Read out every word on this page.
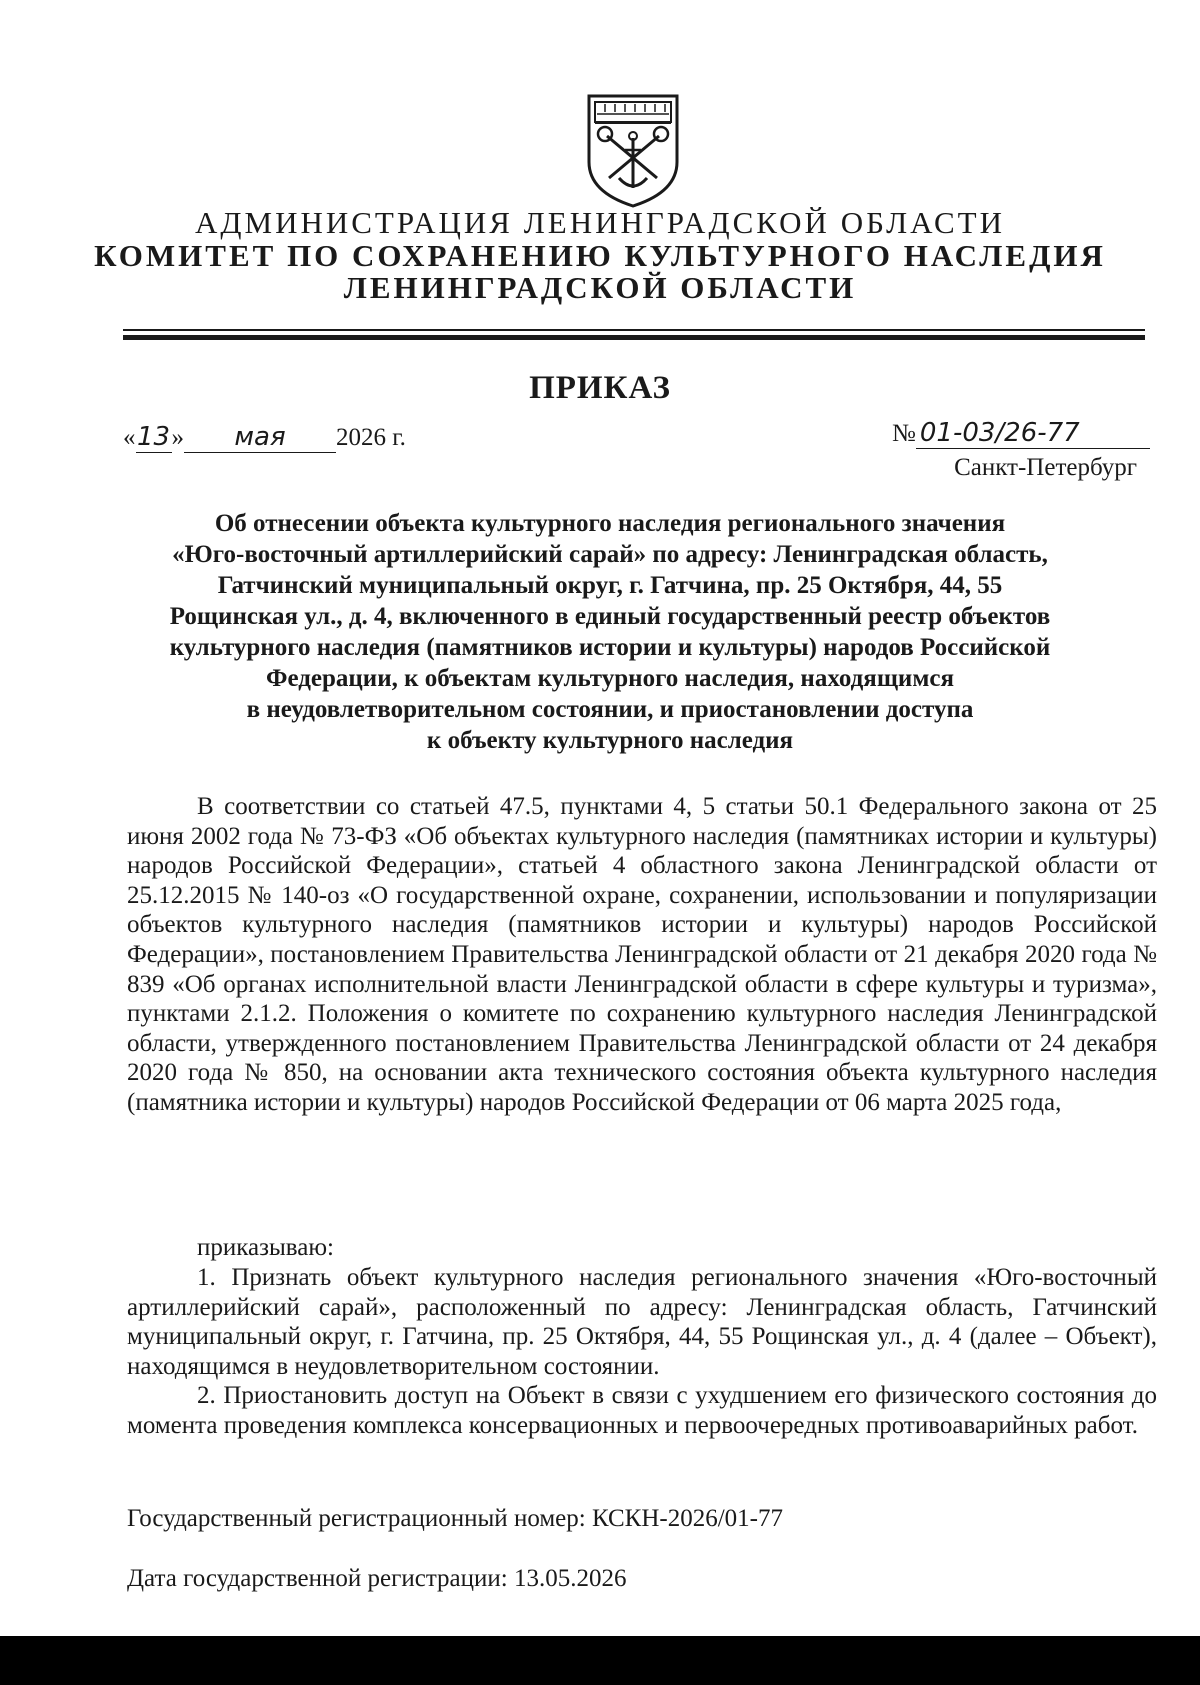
АДМИНИСТРАЦИЯ ЛЕНИНГРАДСКОЙ ОБЛАСТИ
КОМИТЕТ ПО СОХРАНЕНИЮ КУЛЬТУРНОГО НАСЛЕДИЯ
ЛЕНИНГРАДСКОЙ ОБЛАСТИ
ПРИКАЗ
«13» мая 2026 г.	№ 01-03/26-77
Санкт-Петербург
Об отнесении объекта культурного наследия регионального значения
«Юго-восточный артиллерийский сарай» по адресу: Ленинградская область,
Гатчинский муниципальный округ, г. Гатчина, пр. 25 Октября, 44, 55
Рощинская ул., д. 4, включенного в единый государственный реестр объектов
культурного наследия (памятников истории и культуры) народов Российской
Федерации, к объектам культурного наследия, находящимся
в неудовлетворительном состоянии, и приостановлении доступа
к объекту культурного наследия

В соответствии со статьей 47.5, пунктами 4, 5 статьи 50.1 Федерального закона от 25 июня 2002 года № 73-ФЗ «Об объектах культурного наследия (памятниках истории и культуры) народов Российской Федерации», статьей 4 областного закона Ленинградской области от 25.12.2015 № 140-оз «О государственной охране, сохранении, использовании и популяризации объектов культурного наследия (памятников истории и культуры) народов Российской Федерации», постановлением Правительства Ленинградской области от 21 декабря 2020 года № 839 «Об органах исполнительной власти Ленинградской области в сфере культуры и туризма», пунктами 2.1.2. Положения о комитете по сохранению культурного наследия Ленинградской области, утвержденного постановлением Правительства Ленинградской области от 24 декабря 2020 года № 850, на основании акта технического состояния объекта культурного наследия (памятника истории и культуры) народов Российской Федерации от 06 марта 2025 года,

приказываю:

1. Признать объект культурного наследия регионального значения «Юго-восточный артиллерийский сарай», расположенный по адресу: Ленинградская область, Гатчинский муниципальный округ, г. Гатчина, пр. 25 Октября, 44, 55 Рощинская ул., д. 4 (далее – Объект), находящимся в неудовлетворительном состоянии.

2. Приостановить доступ на Объект в связи с ухудшением его физического состояния до момента проведения комплекса консервационных и первоочередных противоаварийных работ.

Государственный регистрационный номер: КСКН-2026/01-77
Дата государственной регистрации: 13.05.2026
